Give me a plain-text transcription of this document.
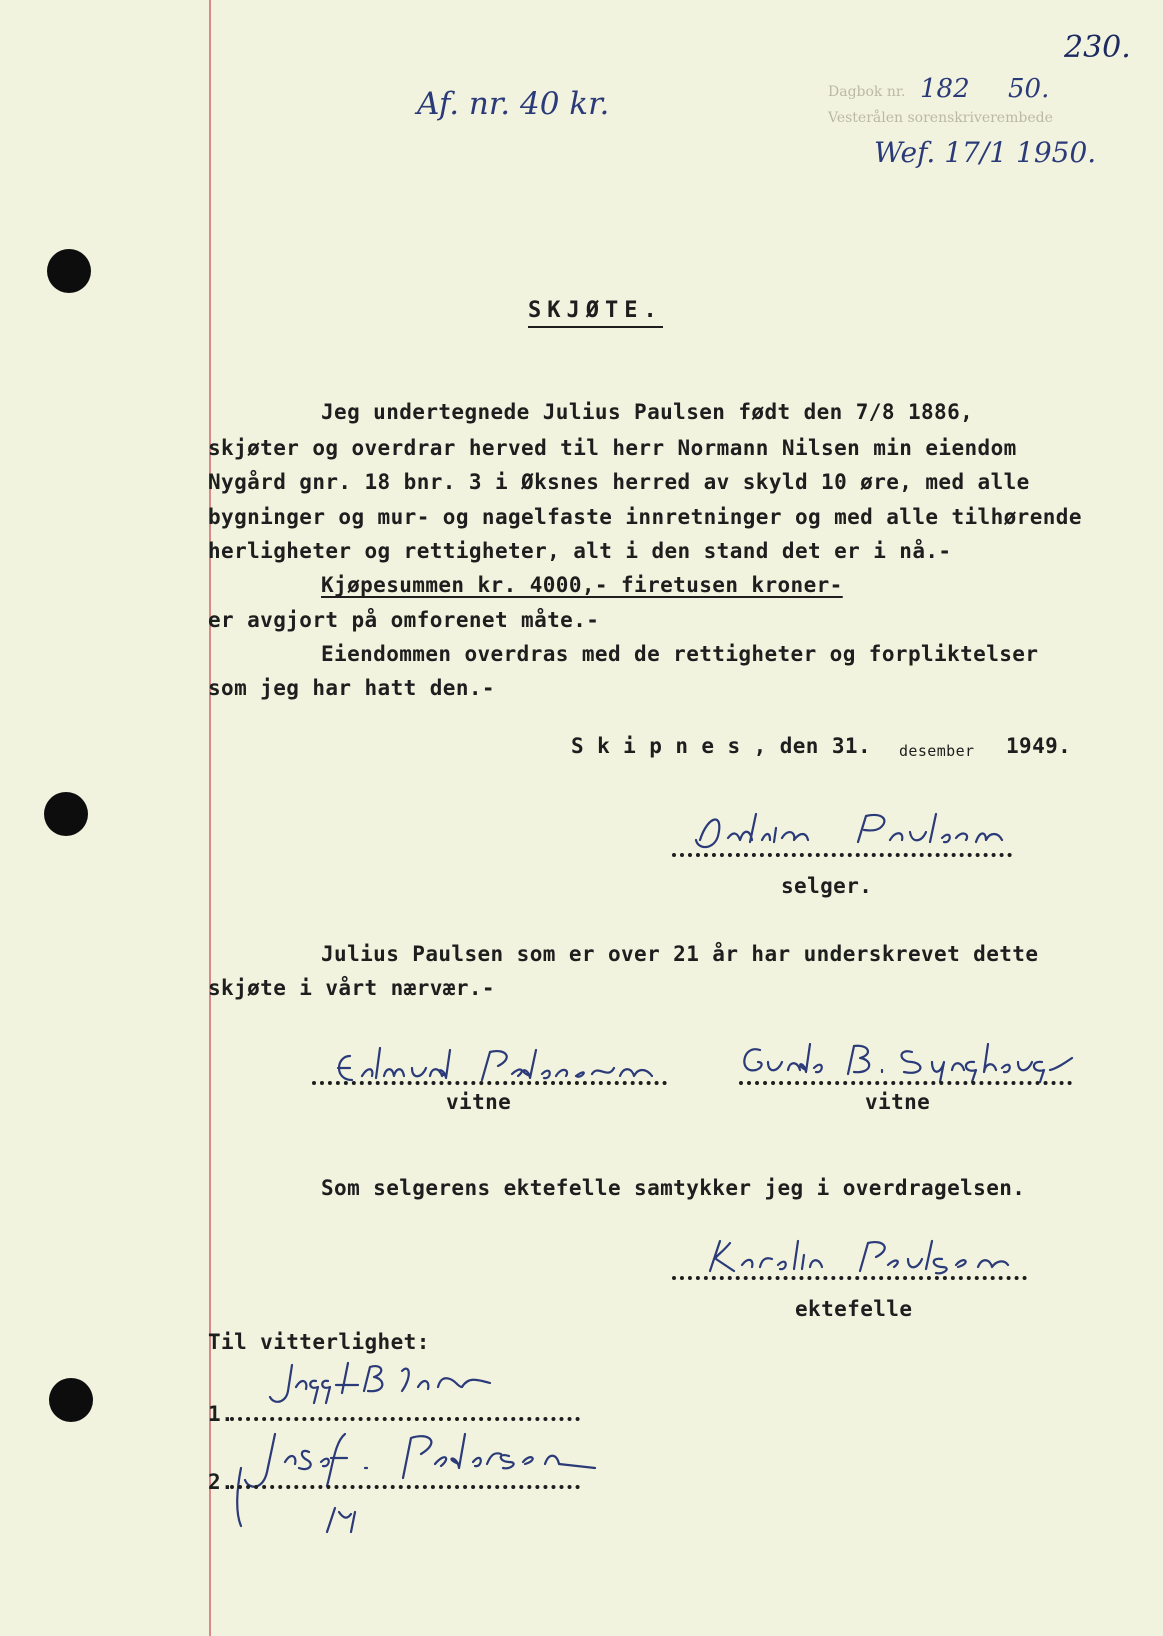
230.
Af. nr. 40 kr.	Dagbok nr.
Vesterålen sorenskriverembede
182 50.
Wef. 17/1 1950.
SKJØTE.
Jeg undertegnede Julius Paulsen født den 7/8 1886,
skjøter og overdrar herved til herr Normann Nilsen min eiendom
Nygård gnr. 18 bnr. 3 i Øksnes herred av skyld 10 øre, med alle
bygninger og mur- og nagelfaste innretninger og med alle tilhørende
herligheter og rettigheter, alt i den stand det er i nå.-
Kjøpesummen kr. 4000,- firetusen kroner-
er avgjort på omforenet måte.-
Eiendommen overdras med de rettigheter og forpliktelser
som jeg har hatt den.-
S k i p n e s , den 31. desember 1949.
selger.
Julius Paulsen som er over 21 år har underskrevet dette
skjøte i vårt nærvær.-
vitne	vitne
Som selgerens ektefelle samtykker jeg i overdragelsen.
ektefelle
Til vitterlighet:
1.
2.
